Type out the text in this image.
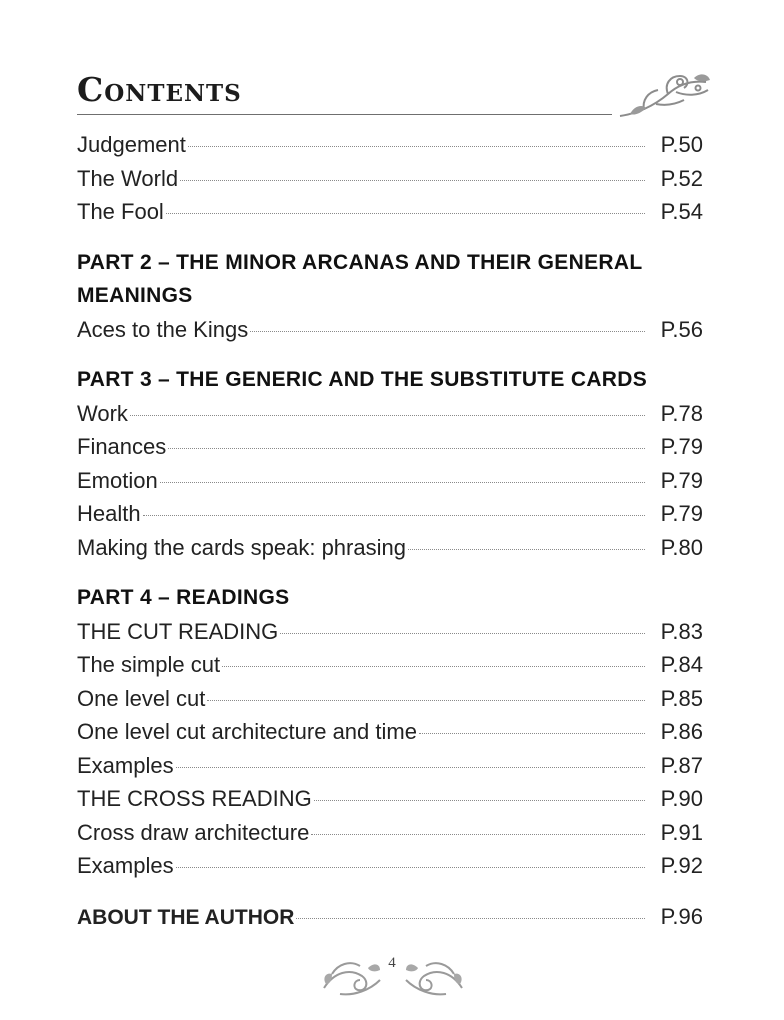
Contents
Judgement	P.50
The World	P.52
The Fool	P.54
PART 2 – THE MINOR ARCANAS AND THEIR GENERAL
MEANINGS
Aces to the Kings	P.56
PART 3 – THE GENERIC AND THE SUBSTITUTE CARDS
Work	P.78
Finances	P.79
Emotion	P.79
Health	P.79
Making the cards speak: phrasing	P.80
PART 4 – READINGS
THE CUT READING	P.83
The simple cut	P.84
One level cut	P.85
One level cut architecture and time	P.86
Examples	P.87
THE CROSS READING	P.90
Cross draw architecture	P.91
Examples	P.92
ABOUT THE AUTHOR	P.96
4
